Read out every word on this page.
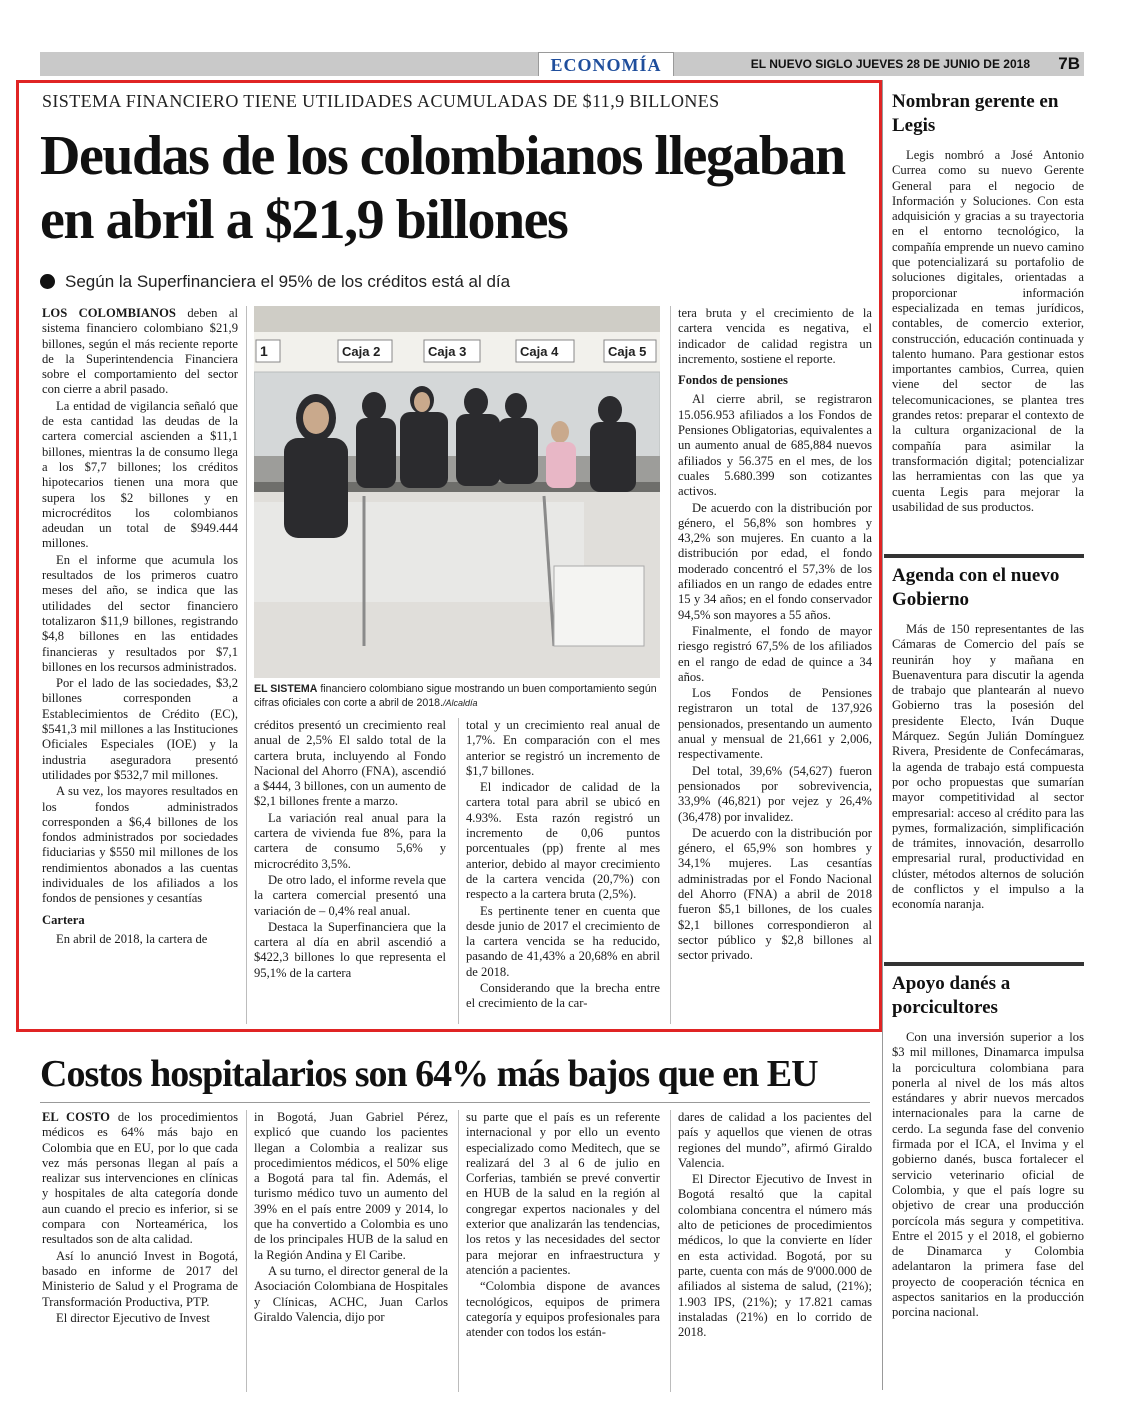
ECONOMÍA	EL NUEVO SIGLO JUEVES 28 DE JUNIO DE 2018 7B
SISTEMA FINANCIERO TIENE UTILIDADES ACUMULADAS DE $11,9 BILLONES
Deudas de los colombianos llegaban en abril a $21,9 billones
Según la Superfinanciera el 95% de los créditos está al día

LOS COLOMBIANOS deben al sistema financiero colombiano $21,9 billones, según el más reciente reporte de la Superintendencia Financiera sobre el comportamiento del sector con cierre a abril pasado.

La entidad de vigilancia señaló que de esta cantidad las deudas de la cartera comercial ascienden a $11,1 billones, mientras la de consumo llega a los $7,7 billones; los créditos hipotecarios tienen una mora que supera los $2 billones y en microcréditos los colombianos adeudan un total de $949.444 millones.

En el informe que acumula los resultados de los primeros cuatro meses del año, se indica que las utilidades del sector financiero totalizaron $11,9 billones, registrando $4,8 billones en las entidades financieras y resultados por $7,1 billones en los recursos administrados.

Por el lado de las sociedades, $3,2 billones corresponden a Establecimientos de Crédito (EC), $541,3 mil millones a las Instituciones Oficiales Especiales (IOE) y la industria aseguradora presentó utilidades por $532,7 mil millones.

A su vez, los mayores resultados en los fondos administrados corresponden a $6,4 billones de los fondos administrados por sociedades fiduciarias y $550 mil millones de los rendimientos abonados a las cuentas individuales de los afiliados a los fondos de pensiones y cesantías

Cartera

En abril de 2018, la cartera de

1	Caja 2	Caja 3	Caja 4	Caja 5
EL SISTEMA financiero colombiano sigue mostrando un buen comportamiento según cifras oficiales con corte a abril de 2018./Alcaldía

créditos presentó un crecimiento real anual de 2,5% El saldo total de la cartera bruta, incluyendo al Fondo Nacional del Ahorro (FNA), ascendió a $444, 3 billones, con un aumento de $2,1 billones frente a marzo.

La variación real anual para la cartera de vivienda fue 8%, para la cartera de consumo 5,6% y microcrédito 3,5%.

De otro lado, el informe revela que la cartera comercial presentó una variación de – 0,4% real anual.

Destaca la Superfinanciera que la cartera al día en abril ascendió a $422,3 billones lo que representa el 95,1% de la cartera

total y un crecimiento real anual de 1,7%. En comparación con el mes anterior se registró un incremento de $1,7 billones.

El indicador de calidad de la cartera total para abril se ubicó en 4.93%. Esta razón registró un incremento de 0,06 puntos porcentuales (pp) frente al mes anterior, debido al mayor crecimiento de la cartera vencida (20,7%) con respecto a la cartera bruta (2,5%).

Es pertinente tener en cuenta que desde junio de 2017 el crecimiento de la cartera vencida se ha reducido, pasando de 41,43% a 20,68% en abril de 2018.

Considerando que la brecha entre el crecimiento de la car-

tera bruta y el crecimiento de la cartera vencida es negativa, el indicador de calidad registra un incremento, sostiene el reporte.

Fondos de pensiones

Al cierre abril, se registraron 15.056.953 afiliados a los Fondos de Pensiones Obligatorias, equivalentes a un aumento anual de 685,884 nuevos afiliados y 56.375 en el mes, de los cuales 5.680.399 son cotizantes activos.

De acuerdo con la distribución por género, el 56,8% son hombres y 43,2% son mujeres. En cuanto a la distribución por edad, el fondo moderado concentró el 57,3% de los afiliados en un rango de edades entre 15 y 34 años; en el fondo conservador 94,5% son mayores a 55 años.

Finalmente, el fondo de mayor riesgo registró 67,5% de los afiliados en el rango de edad de quince a 34 años.

Los Fondos de Pensiones registraron un total de 137,926 pensionados, presentando un aumento anual y mensual de 21,661 y 2,006, respectivamente.

Del total, 39,6% (54,627) fueron pensionados por sobrevivencia, 33,9% (46,821) por vejez y 26,4% (36,478) por invalidez.

De acuerdo con la distribución por género, el 65,9% son hombres y 34,1% mujeres. Las cesantías administradas por el Fondo Nacional del Ahorro (FNA) a abril de 2018 fueron $5,1 billones, de los cuales $2,1 billones correspondieron al sector público y $2,8 billones al sector privado.

Nombran gerente en Legis

Legis nombró a José Antonio Currea como su nuevo Gerente General para el negocio de Información y Soluciones. Con esta adquisición y gracias a su trayectoria en el entorno tecnológico, la compañía emprende un nuevo camino que potencializará su portafolio de soluciones digitales, orientadas a proporcionar información especializada en temas jurídicos, contables, de comercio exterior, construcción, educación continuada y talento humano. Para gestionar estos importantes cambios, Currea, quien viene del sector de las telecomunicaciones, se plantea tres grandes retos: preparar el contexto de la cultura organizacional de la compañía para asimilar la transformación digital; potencializar las herramientas con las que ya cuenta Legis para mejorar la usabilidad de sus productos.

Agenda con el nuevo Gobierno

Más de 150 representantes de las Cámaras de Comercio del país se reunirán hoy y mañana en Buenaventura para discutir la agenda de trabajo que plantearán al nuevo Gobierno tras la posesión del presidente Electo, Iván Duque Márquez. Según Julián Domínguez Rivera, Presidente de Confecámaras, la agenda de trabajo está compuesta por ocho propuestas que sumarían mayor competitividad al sector empresarial: acceso al crédito para las pymes, formalización, simplificación de trámites, innovación, desarrollo empresarial rural, productividad en clúster, métodos alternos de solución de conflictos y el impulso a la economía naranja.

Apoyo danés a porcicultores

Con una inversión superior a los $3 mil millones, Dinamarca impulsa la porcicultura colombiana para ponerla al nivel de los más altos estándares y abrir nuevos mercados internacionales para la carne de cerdo. La segunda fase del convenio firmada por el ICA, el Invima y el gobierno danés, busca fortalecer el servicio veterinario oficial de Colombia, y que el país logre su objetivo de crear una producción porcícola más segura y competitiva. Entre el 2015 y el 2018, el gobierno de Dinamarca y Colombia adelantaron la primera fase del proyecto de cooperación técnica en aspectos sanitarios en la producción porcina nacional.

Costos hospitalarios son 64% más bajos que en EU

EL COSTO de los procedimientos médicos es 64% más bajo en Colombia que en EU, por lo que cada vez más personas llegan al país a realizar sus intervenciones en clínicas y hospitales de alta categoría donde aun cuando el precio es inferior, si se compara con Norteamérica, los resultados son de alta calidad.

Así lo anunció Invest in Bogotá, basado en informe de 2017 del Ministerio de Salud y el Programa de Transformación Productiva, PTP.

El director Ejecutivo de Invest

in Bogotá, Juan Gabriel Pérez, explicó que cuando los pacientes llegan a Colombia a realizar sus procedimientos médicos, el 50% elige a Bogotá para tal fin. Además, el turismo médico tuvo un aumento del 39% en el país entre 2009 y 2014, lo que ha convertido a Colombia es uno de los principales HUB de la salud en la Región Andina y El Caribe.

A su turno, el director general de la Asociación Colombiana de Hospitales y Clínicas, ACHC, Juan Carlos Giraldo Valencia, dijo por

su parte que el país es un referente internacional y por ello un evento especializado como Meditech, que se realizará del 3 al 6 de julio en Corferias, también se prevé convertir en HUB de la salud en la región al congregar expertos nacionales y del exterior que analizarán las tendencias, los retos y las necesidades del sector para mejorar en infraestructura y atención a pacientes.

“Colombia dispone de avances tecnológicos, equipos de primera categoría y equipos profesionales para atender con todos los están-

dares de calidad a los pacientes del país y aquellos que vienen de otras regiones del mundo”, afirmó Giraldo Valencia.

El Director Ejecutivo de Invest in Bogotá resaltó que la capital colombiana concentra el número más alto de peticiones de procedimientos médicos, lo que la convierte en líder en esta actividad. Bogotá, por su parte, cuenta con más de 9'000.000 de afiliados al sistema de salud, (21%); 1.903 IPS, (21%); y 17.821 camas instaladas (21%) en lo corrido de 2018.
